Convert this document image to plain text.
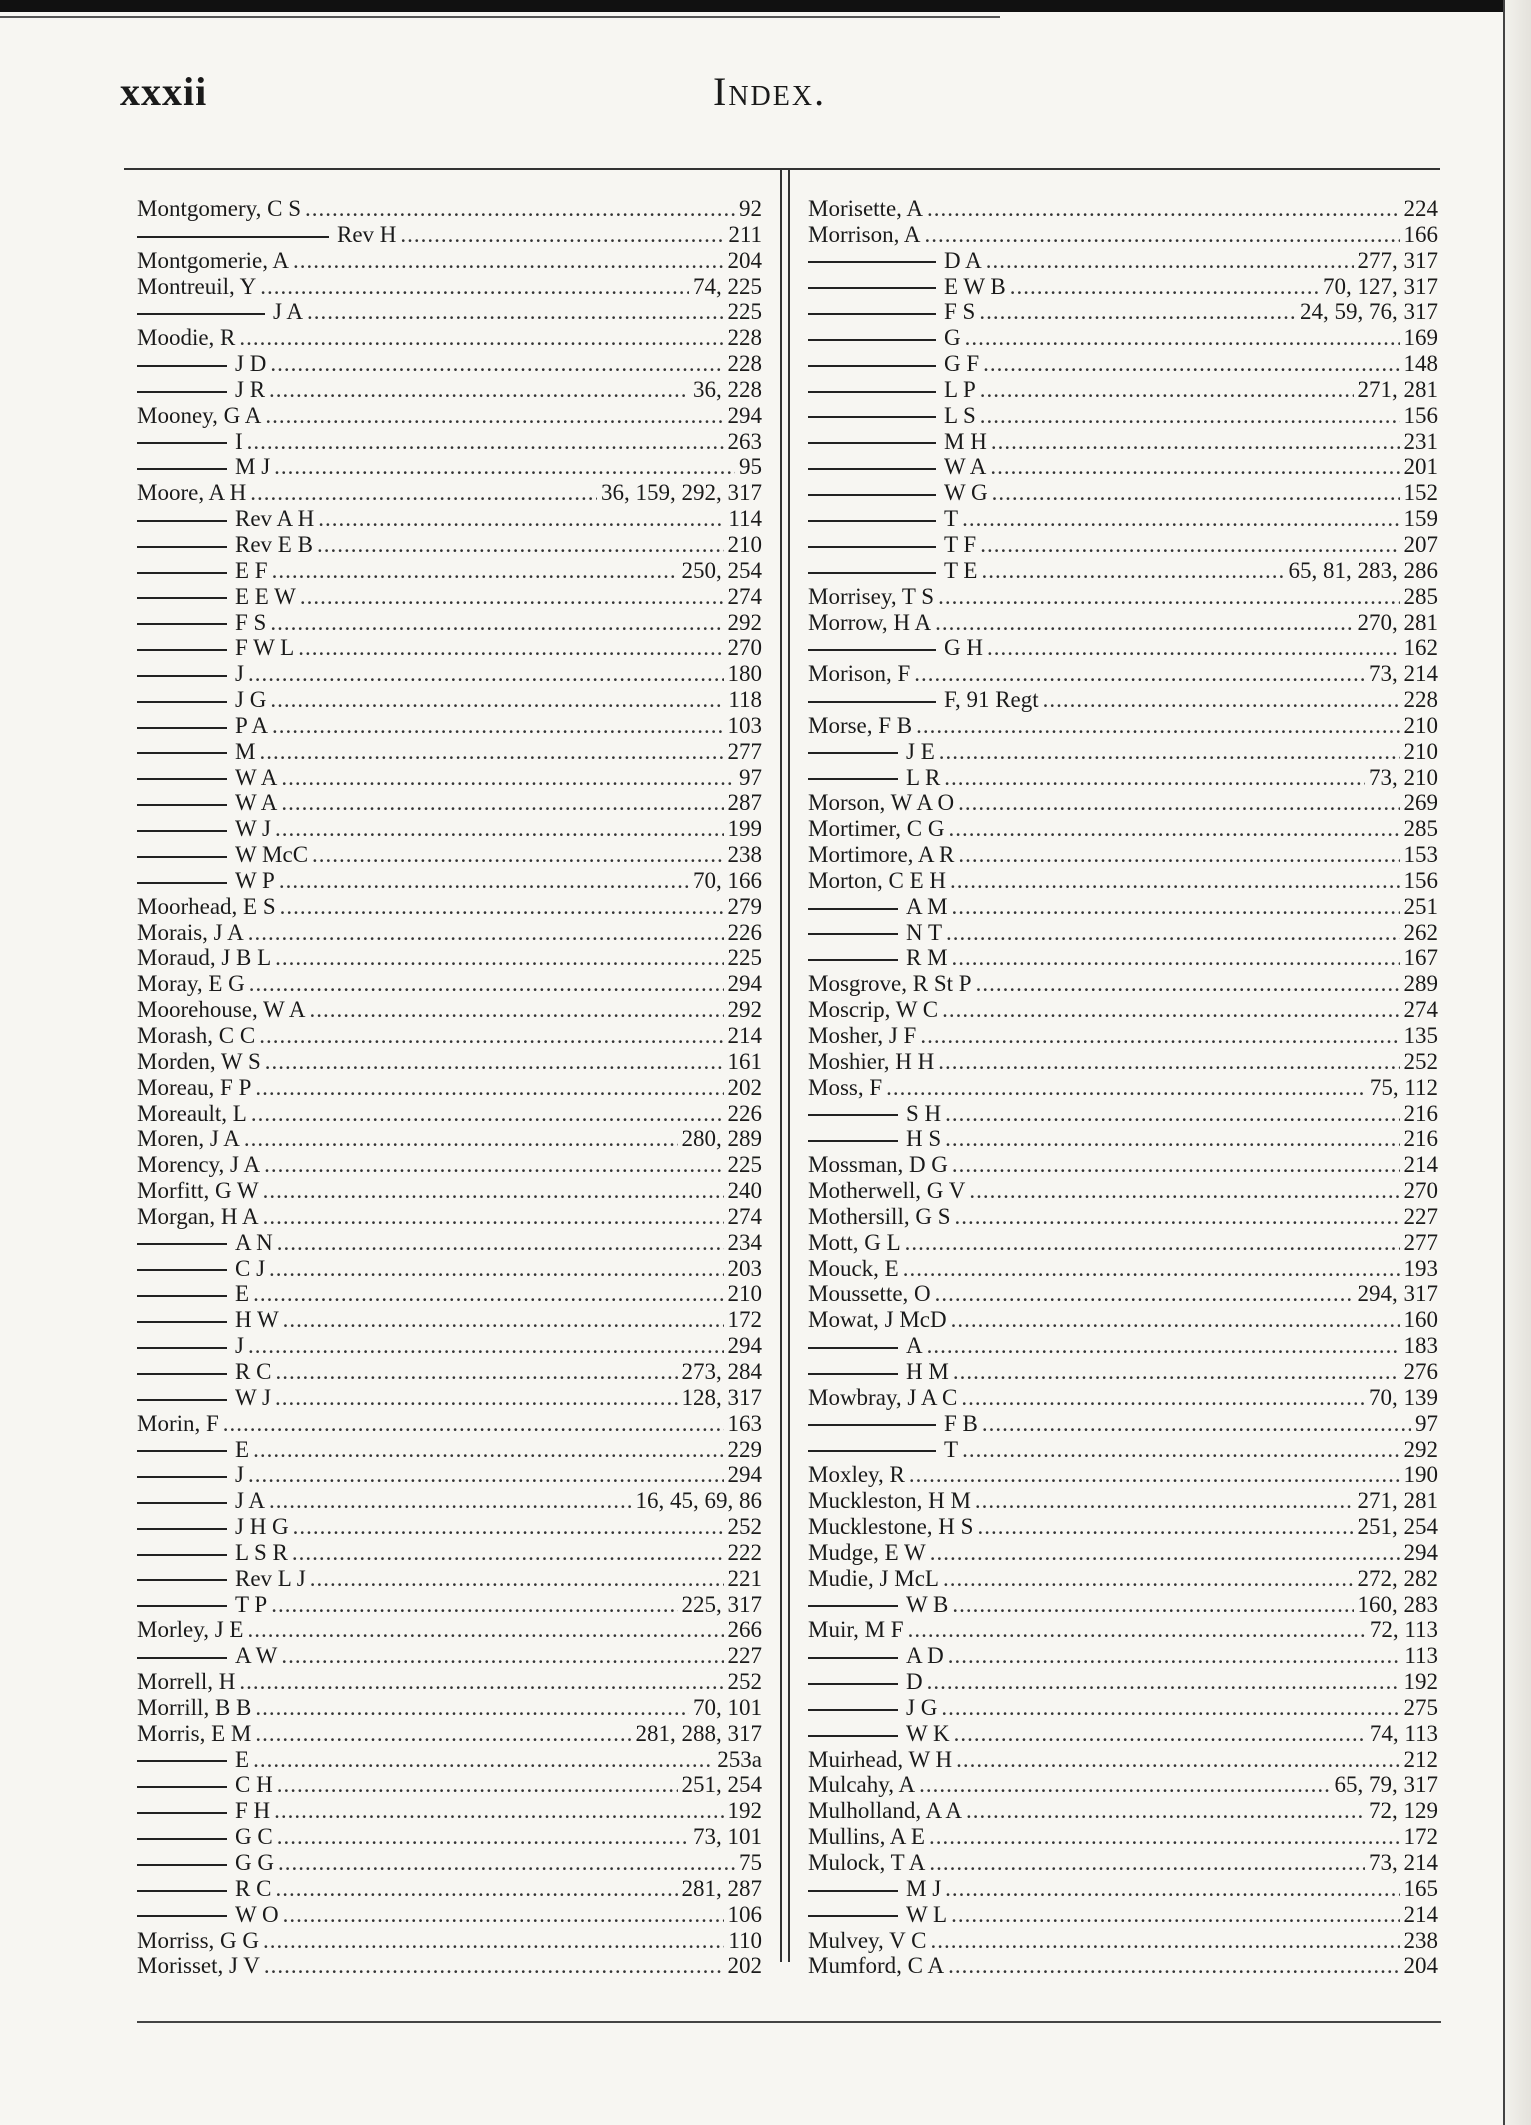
xxxii	Index.
Montgomery, C S .....	92
Rev H .....	211
Montgomerie, A .....	204
Montreuil, Y .....	74, 225
J A .....	225
Moodie, R .....	228
J D .....	228
J R .....	36, 228
Mooney, G A .....	294
I .....	263
M J .....	95
Moore, A H .....	36, 159, 292, 317
Rev A H .....	114
Rev E B .....	210
E F .....	250, 254
E E W .....	274
F S .....	292
F W L .....	270
J .....	180
J G .....	118
P A .....	103
M .....	277
W A .....	97
W A .....	287
W J .....	199
W McC .....	238
W P .....	70, 166
Moorhead, E S .....	279
Morais, J A .....	226
Moraud, J B L .....	225
Moray, E G .....	294
Moorehouse, W A .....	292
Morash, C C .....	214
Morden, W S .....	161
Moreau, F P .....	202
Moreault, L .....	226
Moren, J A .....	280, 289
Morency, J A .....	225
Morfitt, G W .....	240
Morgan, H A .....	274
A N .....	234
C J .....	203
E .....	210
H W .....	172
J .....	294
R C .....	273, 284
W J .....	128, 317
Morin, F .....	163
E .....	229
J .....	294
J A .....	16, 45, 69, 86
J H G .....	252
L S R .....	222
Rev L J .....	221
T P .....	225, 317
Morley, J E .....	266
A W .....	227
Morrell, H .....	252
Morrill, B B .....	70, 101
Morris, E M .....	281, 288, 317
E .....	253a
C H .....	251, 254
F H .....	192
G C .....	73, 101
G G .....	75
R C .....	281, 287
W O .....	106
Morriss, G G .....	110
Morisset, J V .....	202
Morisette, A .....	224
Morrison, A .....	166
D A .....	277, 317
E W B .....	70, 127, 317
F S .....	24, 59, 76, 317
G .....	169
G F .....	148
L P .....	271, 281
L S .....	156
M H .....	231
W A .....	201
W G .....	152
T .....	159
T F .....	207
T E .....	65, 81, 283, 286
Morrisey, T S .....	285
Morrow, H A .....	270, 281
G H .....	162
Morison, F .....	73, 214
F, 91 Regt .....	228
Morse, F B .....	210
J E .....	210
L R .....	73, 210
Morson, W A O .....	269
Mortimer, C G .....	285
Mortimore, A R .....	153
Morton, C E H .....	156
A M .....	251
N T .....	262
R M .....	167
Mosgrove, R St P .....	289
Moscrip, W C .....	274
Mosher, J F .....	135
Moshier, H H .....	252
Moss, F .....	75, 112
S H .....	216
H S .....	216
Mossman, D G .....	214
Motherwell, G V .....	270
Mothersill, G S .....	227
Mott, G L .....	277
Mouck, E .....	193
Moussette, O .....	294, 317
Mowat, J McD .....	160
A .....	183
H M .....	276
Mowbray, J A C .....	70, 139
F B .....	97
T .....	292
Moxley, R .....	190
Muckleston, H M .....	271, 281
Mucklestone, H S .....	251, 254
Mudge, E W .....	294
Mudie, J McL .....	272, 282
W B .....	160, 283
Muir, M F .....	72, 113
A D .....	113
D .....	192
J G .....	275
W K .....	74, 113
Muirhead, W H .....	212
Mulcahy, A .....	65, 79, 317
Mulholland, A A .....	72, 129
Mullins, A E .....	172
Mulock, T A .....	73, 214
M J .....	165
W L .....	214
Mulvey, V C .....	238
Mumford, C A .....	204
